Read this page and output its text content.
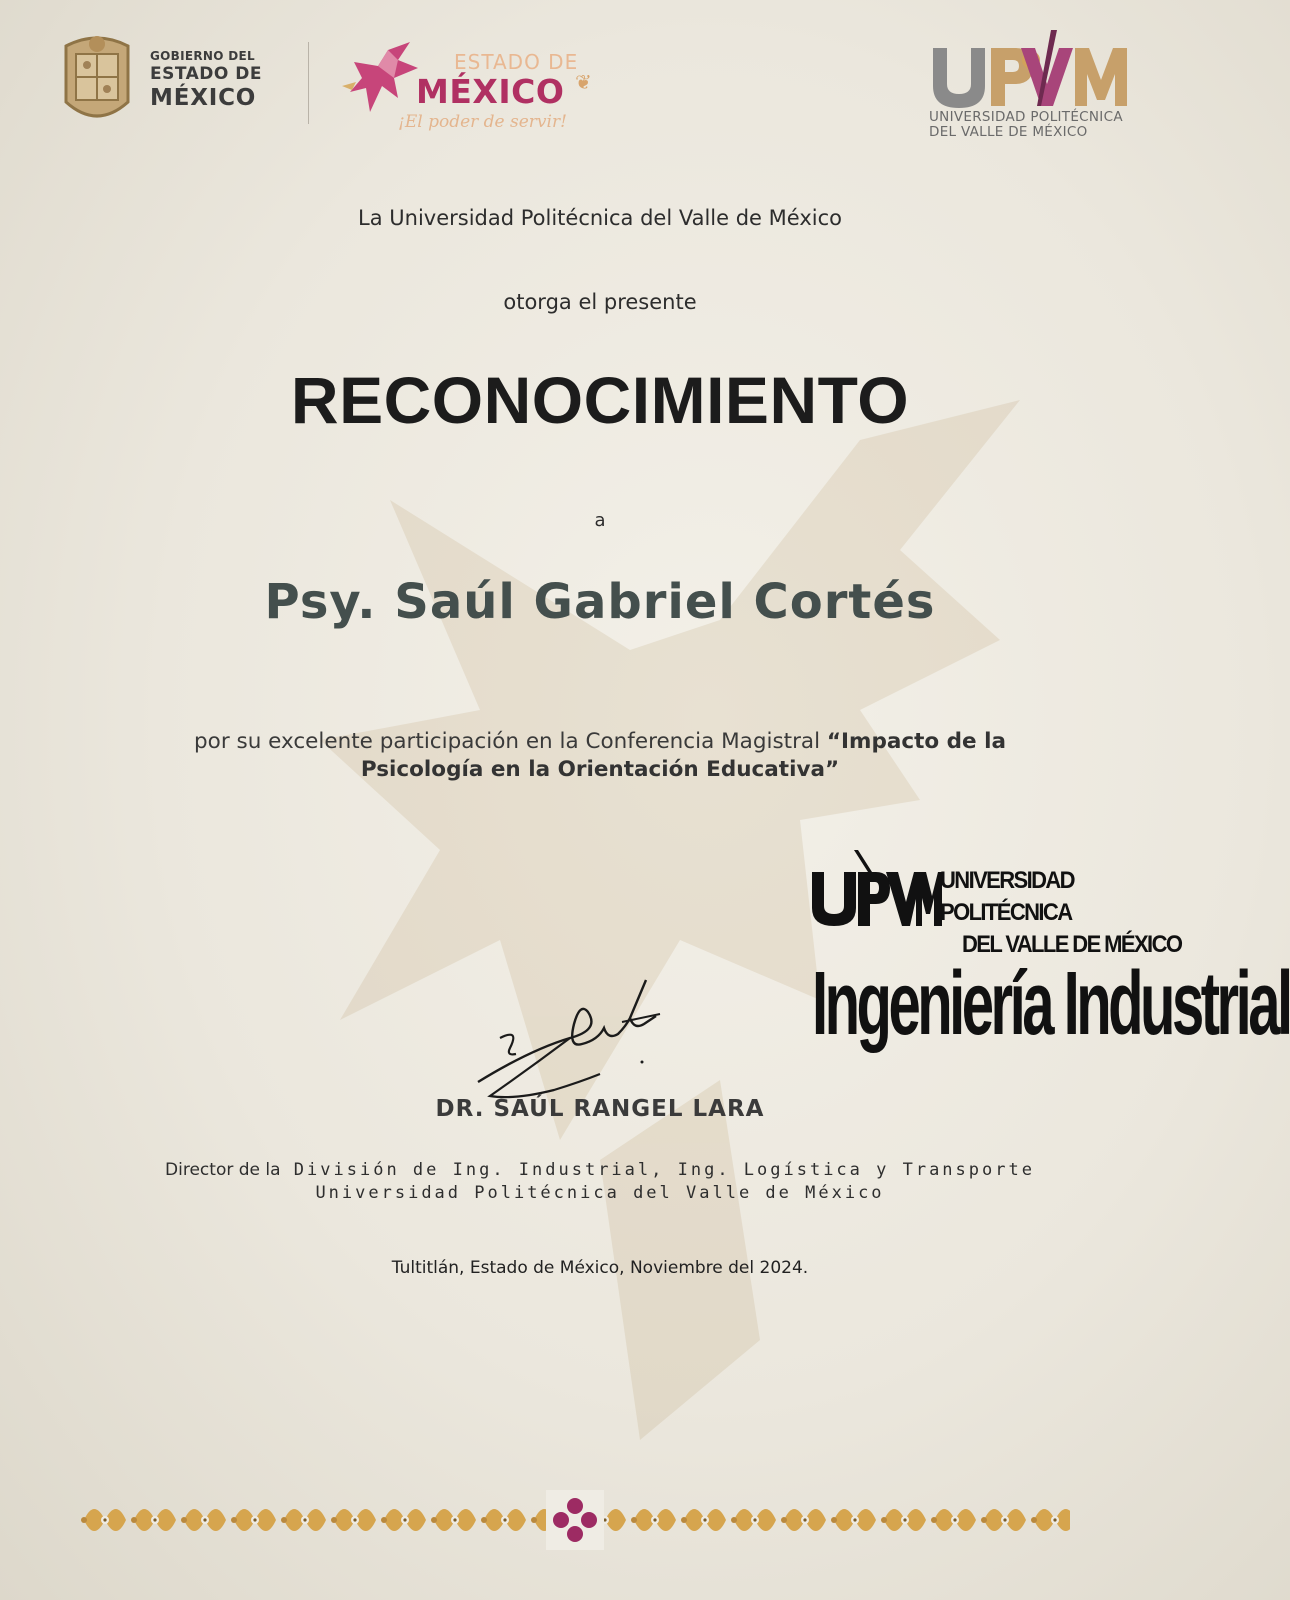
GOBIERNO DEL
ESTADO DE
MÉXICO
ESTADO DE
MÉXICO
¡El poder de servir!
❦
UNIVERSIDAD POLITÉCNICA
DEL VALLE DE MÉXICO
La Universidad Politécnica del Valle de México
otorga el presente
RECONOCIMIENTO
a
Psy. Saúl Gabriel Cortés
por su excelente participación en la Conferencia Magistral “Impacto de la
Psicología en la Orientación Educativa”
UNIVERSIDAD POLITÉCNICA
DEL VALLE DE MÉXICO
Ingeniería Industrial
DR. SAÚL RANGEL LARA
Director de la División de Ing. Industrial, Ing. Logística y Transporte
Universidad Politécnica del Valle de México
Tultitlán, Estado de México, Noviembre del 2024.
